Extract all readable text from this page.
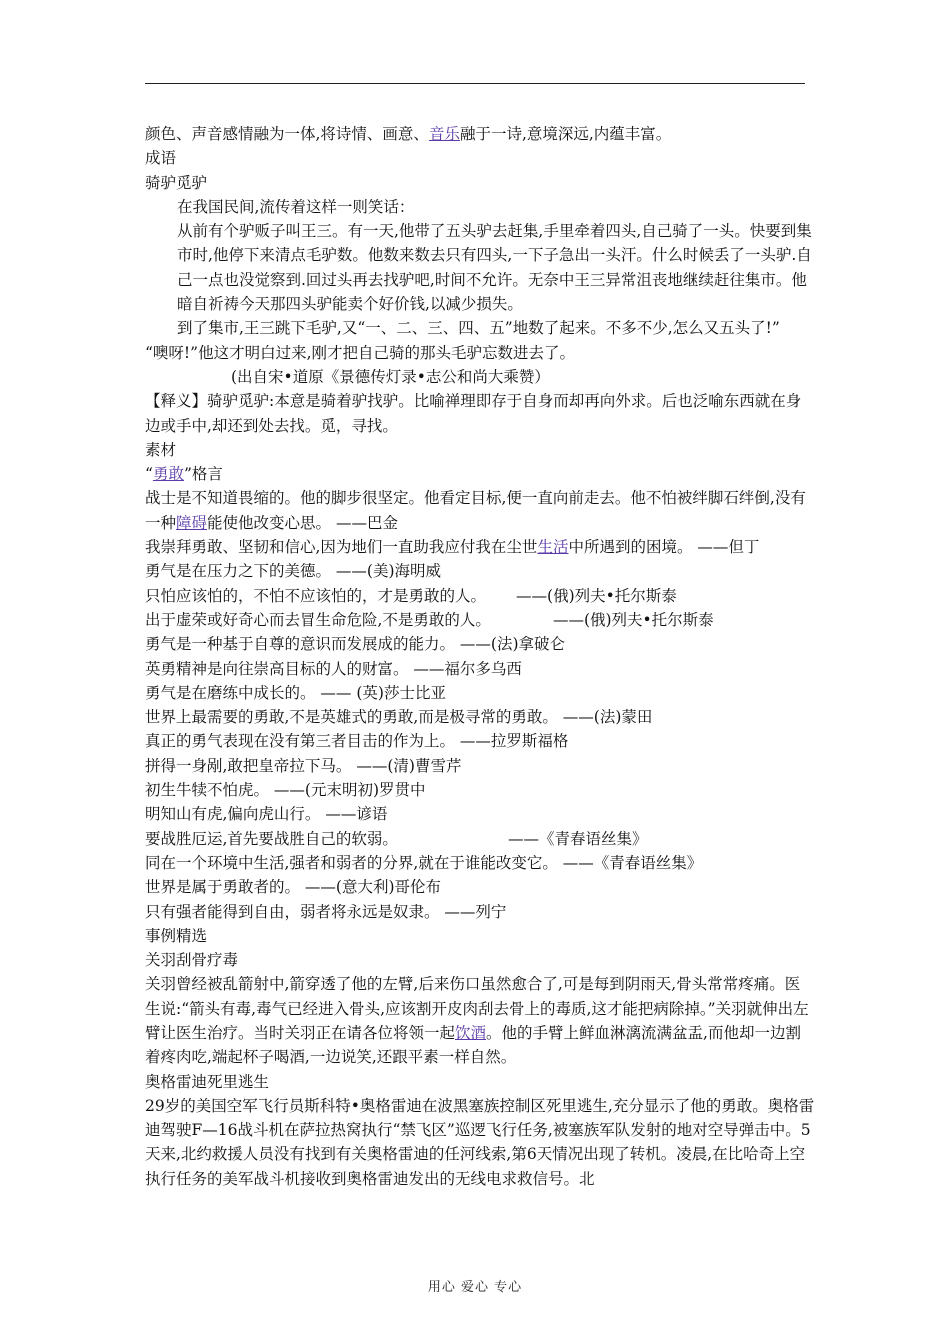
颜色、声音感情融为一体,将诗情、画意、音乐融于一诗,意境深远,内蕴丰富。

成语

骑驴觅驴

在我国民间,流传着这样一则笑话：

从前有个驴贩子叫王三。有一天,他带了五头驴去赶集,手里牵着四头,自己骑了一头。快要到集市时,他停下来清点毛驴数。他数来数去只有四头,一下子急出一头汗。什么时候丢了一头驴.自己一点也没觉察到.回过头再去找驴吧,时间不允许。无奈中王三异常沮丧地继续赶往集市。他暗自祈祷今天那四头驴能卖个好价钱,以减少损失。

到了集市,王三跳下毛驴,又“一、二、三、四、五”地数了起来。不多不少,怎么又五头了!”

“噢呀!”他这才明白过来,刚才把自己骑的那头毛驴忘数进去了。

(出自宋•道原《景德传灯录•志公和尚大乘赞）

【释义】骑驴觅驴:本意是骑着驴找驴。比喻禅理即存于自身而却再向外求。后也泛喻东西就在身边或手中,却还到处去找。觅，寻找。

素材

“勇敢”格言

战士是不知道畏缩的。他的脚步很坚定。他看定目标,便一直向前走去。他不怕被绊脚石绊倒,没有一种障碍能使他改变心思。 ——巴金

我崇拜勇敢、坚韧和信心,因为地们一直助我应付我在尘世生活中所遇到的困境。 ——但丁

勇气是在压力之下的美德。 ——(美)海明威

只怕应该怕的，不怕不应该怕的，才是勇敢的人。 ——(俄)列夫•托尔斯泰

出于虚荣或好奇心而去冒生命危险,不是勇敢的人。	——(俄)列夫•托尔斯泰

勇气是一种基于自尊的意识而发展成的能力。 ——(法)拿破仑

英勇精神是向往崇高目标的人的财富。 ——福尔多乌西

勇气是在磨练中成长的。 —— (英)莎士比亚

世界上最需要的勇敢,不是英雄式的勇敢,而是极寻常的勇敢。 ——(法)蒙田

真正的勇气表现在没有第三者目击的作为上。 ——拉罗斯福格

拼得一身剐,敢把皇帝拉下马。 ——(清)曹雪芹

初生牛犊不怕虎。 ——(元末明初)罗贯中

明知山有虎,偏向虎山行。 ——谚语

要战胜厄运,首先要战胜自己的软弱。	——《青春语丝集》

同在一个环境中生活,强者和弱者的分界,就在于谁能改变它。 ——《青春语丝集》

世界是属于勇敢者的。 ——(意大利)哥伦布

只有强者能得到自由，弱者将永远是奴隶。 ——列宁

事例精选

关羽刮骨疗毒

关羽曾经被乱箭射中,箭穿透了他的左臂,后来伤口虽然愈合了,可是每到阴雨天,骨头常常疼痛。医生说:“箭头有毒,毒气已经进入骨头,应该割开皮肉刮去骨上的毒质,这才能把病除掉。”关羽就伸出左臂让医生治疗。当时关羽正在请各位将领一起饮酒。他的手臂上鲜血淋漓流满盆盂,而他却一边割着疼肉吃,端起杯子喝酒,一边说笑,还跟平素一样自然。

奥格雷迪死里逃生

29岁的美国空军飞行员斯科特•奥格雷迪在波黑塞族控制区死里逃生,充分显示了他的勇敢。奥格雷迪驾驶F—16战斗机在萨拉热窝执行“禁飞区”巡逻飞行任务,被塞族军队发射的地对空导弹击中。5天来,北约救援人员没有找到有关奥格雷迪的任河线索,第6天情况出现了转机。凌晨,在比哈奇上空执行任务的美军战斗机接收到奥格雷迪发出的无线电求救信号。北

用心 爱心 专心
